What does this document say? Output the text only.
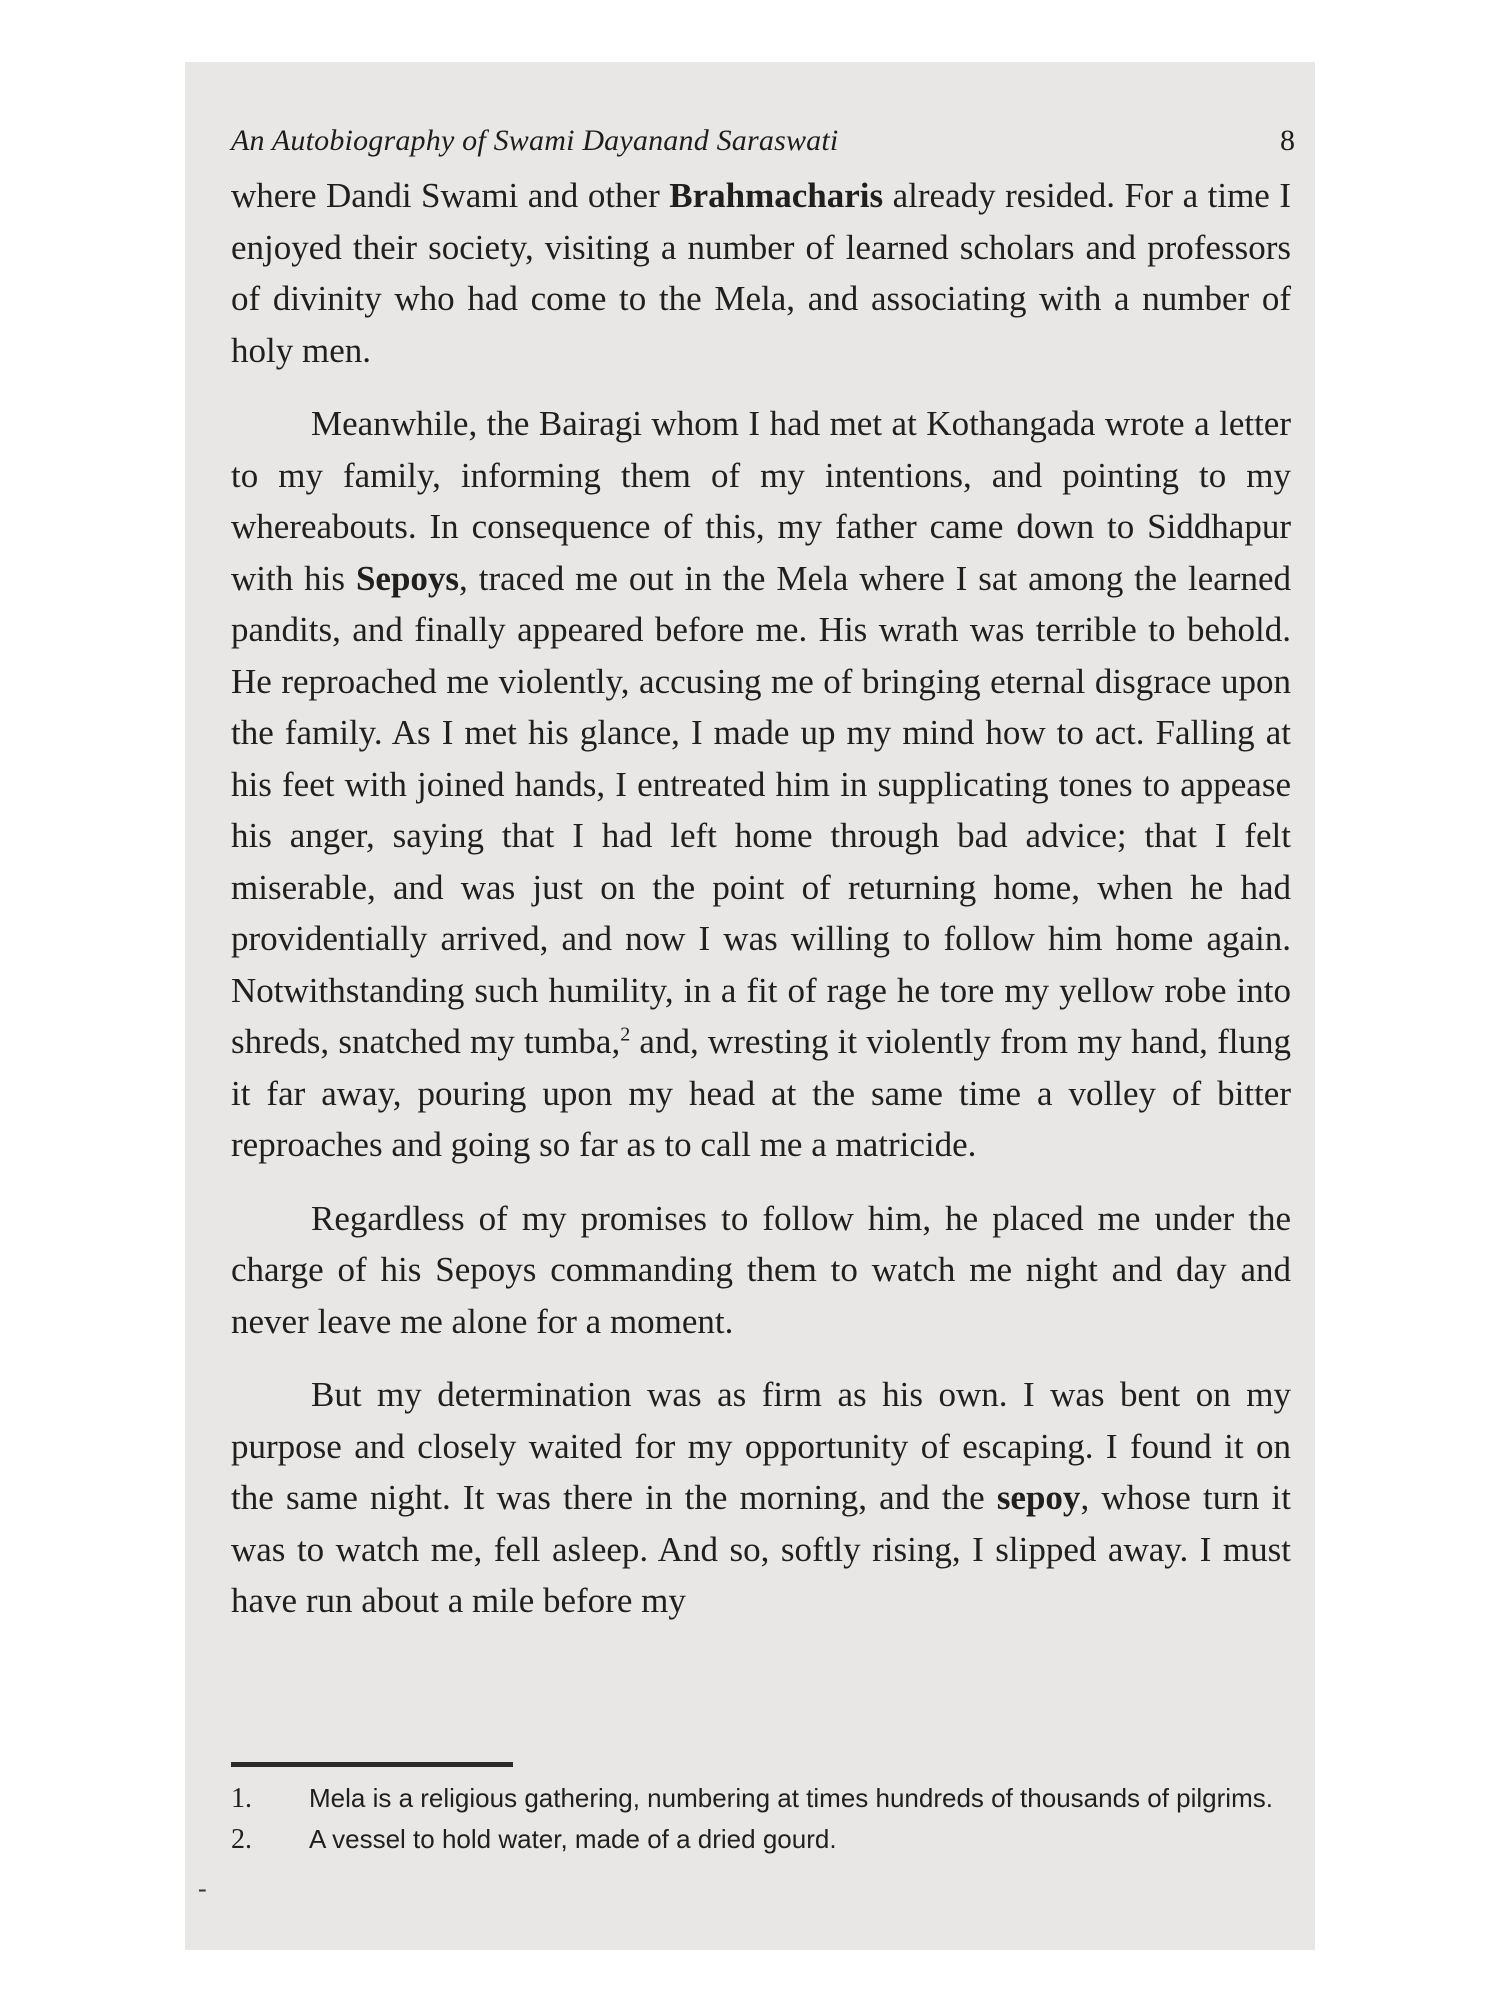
An Autobiography of Swami Dayanand Saraswati	8

where Dandi Swami and other Brahmacharis already resided. For a time I enjoyed their society, visiting a number of learned scholars and professors of divinity who had come to the Mela, and associating with a number of holy men.

Meanwhile, the Bairagi whom I had met at Kothangada wrote a letter to my family, informing them of my intentions, and pointing to my whereabouts. In consequence of this, my father came down to Siddhapur with his Sepoys, traced me out in the Mela where I sat among the learned pandits, and finally appeared before me. His wrath was terrible to behold. He reproached me violently, accusing me of bringing eternal disgrace upon the family. As I met his glance, I made up my mind how to act. Falling at his feet with joined hands, I entreated him in supplicating tones to appease his anger, saying that I had left home through bad advice; that I felt miserable, and was just on the point of returning home, when he had providentially arrived, and now I was willing to follow him home again. Notwithstanding such humility, in a fit of rage he tore my yellow robe into shreds, snatched my tumba,$^2$ and, wresting it violently from my hand, flung it far away, pouring upon my head at the same time a volley of bitter reproaches and going so far as to call me a matricide.

Regardless of my promises to follow him, he placed me under the charge of his Sepoys commanding them to watch me night and day and never leave me alone for a moment.

But my determination was as firm as his own. I was bent on my purpose and closely waited for my opportunity of escaping. I found it on the same night. It was there in the morning, and the sepoy, whose turn it was to watch me, fell asleep. And so, softly rising, I slipped away. I must have run about a mile before my

1. Mela is a religious gathering, numbering at times hundreds of thousands of pilgrims.
2. A vessel to hold water, made of a dried gourd.
-
